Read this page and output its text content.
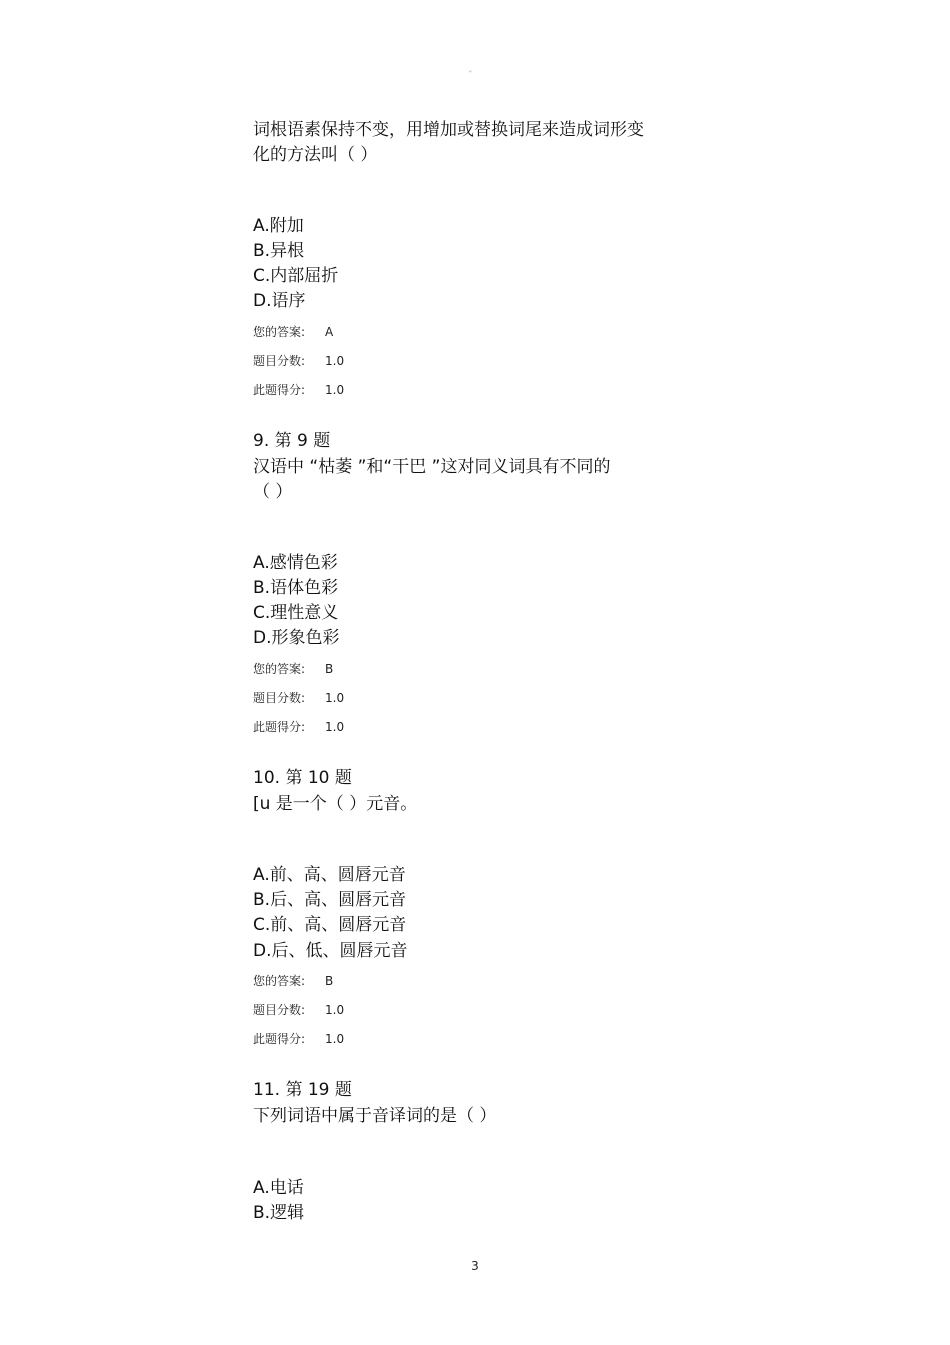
"
词根语素保持不变，用增加或替换词尾来造成词形变
化的方法叫（ ）
A.附加
B.异根
C.内部屈折
D.语序
您的答案: A
题目分数: 1.0
此题得分: 1.0
9. 第 9 题
汉语中 “枯萎 ”和“干巴 ”这对同义词具有不同的
（ ）
A.感情色彩
B.语体色彩
C.理性意义
D.形象色彩
您的答案: B
题目分数: 1.0
此题得分: 1.0
10. 第 10 题
[u 是一个（ ）元音。
A.前、高、圆唇元音
B.后、高、圆唇元音
C.前、高、圆唇元音
D.后、低、圆唇元音
您的答案: B
题目分数: 1.0
此题得分: 1.0
11. 第 19 题
下列词语中属于音译词的是（ ）
A.电话
B.逻辑
3
